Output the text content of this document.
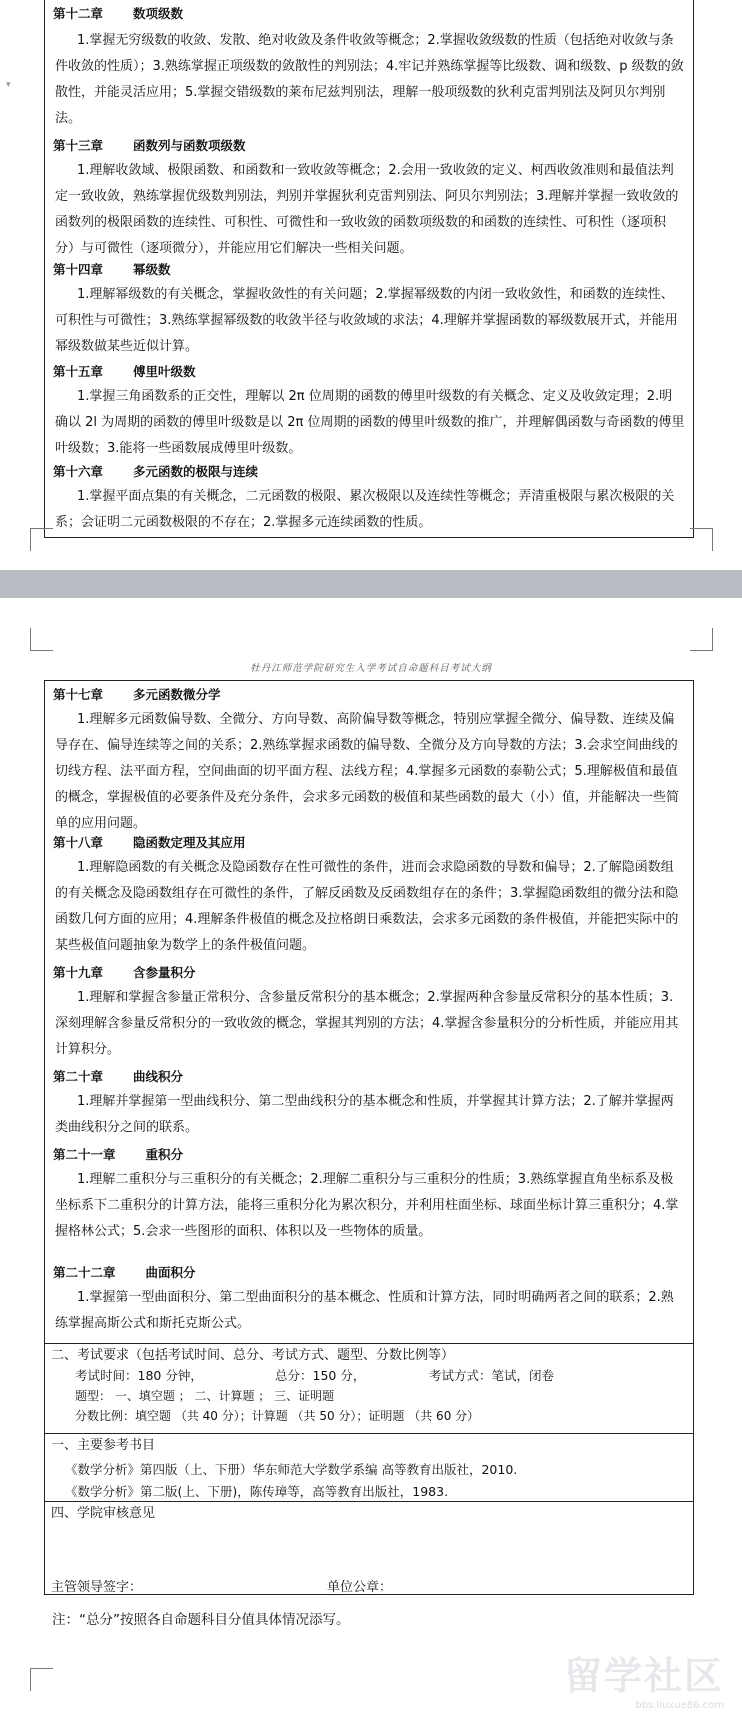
▾
第十二章 数项级数
1.掌握无穷级数的收敛、发散、绝对收敛及条件收敛等概念；2.掌握收敛级数的性质（包括绝对收敛与条件收敛的性质）；3.熟练掌握正项级数的敛散性的判别法；4.牢记并熟练掌握等比级数、调和级数、p 级数的敛散性，并能灵活应用；5.掌握交错级数的莱布尼兹判别法，理解一般项级数的狄利克雷判别法及阿贝尔判别法。
第十三章 函数列与函数项级数
1.理解收敛域、极限函数、和函数和一致收敛等概念；2.会用一致收敛的定义、柯西收敛准则和最值法判定一致收敛，熟练掌握优级数判别法，判别并掌握狄利克雷判别法、阿贝尔判别法；3.理解并掌握一致收敛的函数列的极限函数的连续性、可积性、可微性和一致收敛的函数项级数的和函数的连续性、可积性（逐项积分）与可微性（逐项微分），并能应用它们解决一些相关问题。
第十四章 幂级数
1.理解幂级数的有关概念，掌握收敛性的有关问题；2.掌握幂级数的内闭一致收敛性，和函数的连续性、可积性与可微性；3.熟练掌握幂级数的收敛半径与收敛域的求法；4.理解并掌握函数的幂级数展开式，并能用幂级数做某些近似计算。
第十五章 傅里叶级数
1.掌握三角函数系的正交性，理解以 2π 位周期的函数的傅里叶级数的有关概念、定义及收敛定理；2.明确以 2l 为周期的函数的傅里叶级数是以 2π 位周期的函数的傅里叶级数的推广，并理解偶函数与奇函数的傅里叶级数；3.能将一些函数展成傅里叶级数。
第十六章 多元函数的极限与连续
1.掌握平面点集的有关概念，二元函数的极限、累次极限以及连续性等概念；弄清重极限与累次极限的关系；会证明二元函数极限的不存在；2.掌握多元连续函数的性质。
牡丹江师范学院研究生入学考试自命题科目考试大纲
第十七章 多元函数微分学
1.理解多元函数偏导数、全微分、方向导数、高阶偏导数等概念，特别应掌握全微分、偏导数、连续及偏导存在、偏导连续等之间的关系；2.熟练掌握求函数的偏导数、全微分及方向导数的方法；3.会求空间曲线的切线方程、法平面方程，空间曲面的切平面方程、法线方程；4.掌握多元函数的泰勒公式；5.理解极值和最值的概念，掌握极值的必要条件及充分条件，会求多元函数的极值和某些函数的最大（小）值，并能解决一些简单的应用问题。
第十八章 隐函数定理及其应用
1.理解隐函数的有关概念及隐函数存在性可微性的条件，进而会求隐函数的导数和偏导；2.了解隐函数组的有关概念及隐函数组存在可微性的条件，了解反函数及反函数组存在的条件；3.掌握隐函数组的微分法和隐函数几何方面的应用；4.理解条件极值的概念及拉格朗日乘数法，会求多元函数的条件极值，并能把实际中的某些极值问题抽象为数学上的条件极值问题。
第十九章 含参量积分
1.理解和掌握含参量正常积分、含参量反常积分的基本概念；2.掌握两种含参量反常积分的基本性质；3.深刻理解含参量反常积分的一致收敛的概念，掌握其判别的方法；4.掌握含参量积分的分析性质，并能应用其计算积分。
第二十章 曲线积分
1.理解并掌握第一型曲线积分、第二型曲线积分的基本概念和性质，并掌握其计算方法；2.了解并掌握两类曲线积分之间的联系。
第二十一章 重积分
1.理解二重积分与三重积分的有关概念；2.理解二重积分与三重积分的性质；3.熟练掌握直角坐标系及极坐标系下二重积分的计算方法，能将三重积分化为累次积分，并利用柱面坐标、球面坐标计算三重积分；4.掌握格林公式；5.会求一些图形的面积、体积以及一些物体的质量。
第二十二章 曲面积分
1.掌握第一型曲面积分、第二型曲面积分的基本概念、性质和计算方法，同时明确两者之间的联系；2.熟练掌握高斯公式和斯托克斯公式。
二、考试要求（包括考试时间、总分、考试方式、题型、分数比例等）
考试时间：180 分钟，	总分：150 分，	考试方式：笔试，闭卷
题型： 一、填空题 ； 二、计算题 ； 三、证明题
分数比例：填空题 （共 40 分）；计算题 （共 50 分）；证明题 （共 60 分）
一、主要参考书目
《数学分析》第四版（上、下册）华东师范大学数学系编 高等教育出版社，2010.
《数学分析》第二版(上、下册)，陈传璋等，高等教育出版社，1983.
四、学院审核意见
主管领导签字：	单位公章：
注：“总分”按照各自命题科目分值具体情况添写。
留学社区
bbs.liuxue86.com
